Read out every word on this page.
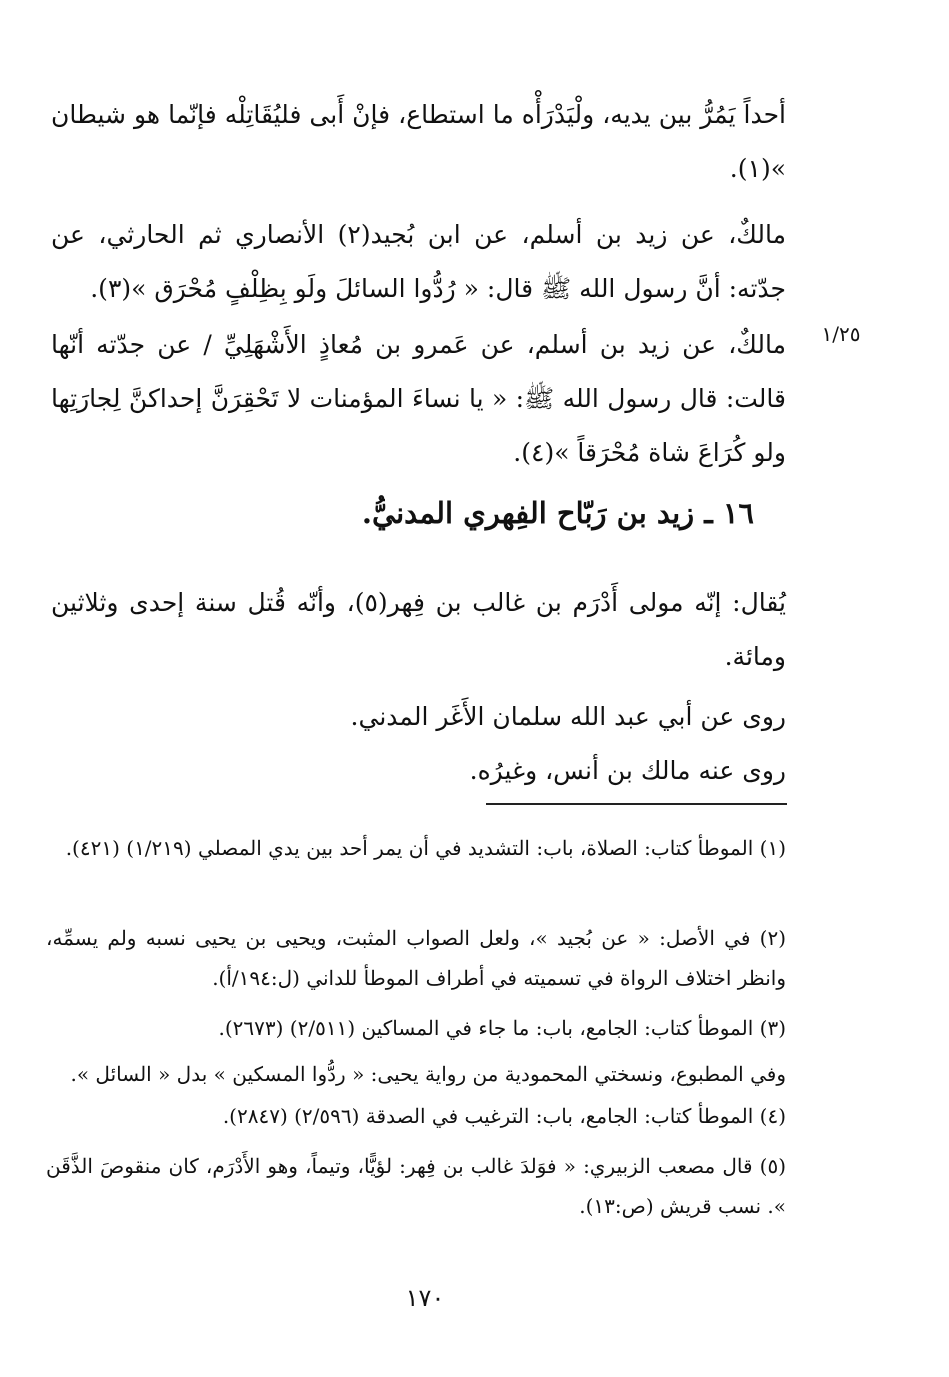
أحداً يَمُرُّ بين يديه، ولْيَدْرَأْه ما استطاع، فإنْ أَبى فليُقَاتِلْه فإنّما هو شيطان »(١).
مالكٌ، عن زيد بن أسلم، عن ابن بُجيد(٢) الأنصاري ثم الحارثي، عن جدّته: أنَّ رسول الله ﷺ قال: « رُدُّوا السائلَ ولَو بِظِلْفٍ مُحْرَق »(٣).
١/٢٥
مالكٌ، عن زيد بن أسلم، عن عَمرو بن مُعاذٍ الأَشْهَلِيِّ / عن جدّته أنّها قالت: قال رسول الله ﷺ: « يا نساءَ المؤمنات لا تَحْقِرَنَّ إحداكنَّ لِجارَتِها ولو كُرَاعَ شاة مُحْرَقاً »(٤).
١٦ ـ زيد بن رَبّاح الفِهري المدنيُّ.
يُقال: إنّه مولى أَدْرَم بن غالب بن فِهر(٥)، وأنّه قُتل سنة إحدى وثلاثين ومائة.
روى عن أبي عبد الله سلمان الأَغَر المدني.
روى عنه مالك بن أنس، وغيرُه.
(١) الموطأ كتاب: الصلاة، باب: التشديد في أن يمر أحد بين يدي المصلي (١/٢١٩) (٤٢١).
(٢) في الأصل: « عن بُجيد »، ولعل الصواب المثبت، ويحيى بن يحيى نسبه ولم يسمِّه، وانظر اختلاف الرواة في تسميته في أطراف الموطأ للداني (ل:١٩٤/أ).
(٣) الموطأ كتاب: الجامع، باب: ما جاء في المساكين (٢/٥١١) (٢٦٧٣).
وفي المطبوع، ونسختي المحمودية من رواية يحيى: « ردُّوا المسكين » بدل « السائل ».
(٤) الموطأ كتاب: الجامع، باب: الترغيب في الصدقة (٢/٥٩٦) (٢٨٤٧).
(٥) قال مصعب الزبيري: « فوَلدَ غالب بن فِهر: لؤيًّا، وتيماً، وهو الأَدْرَم، كان منقوصَ الذَّقَن ». نسب قريش (ص:١٣).
١٧٠
